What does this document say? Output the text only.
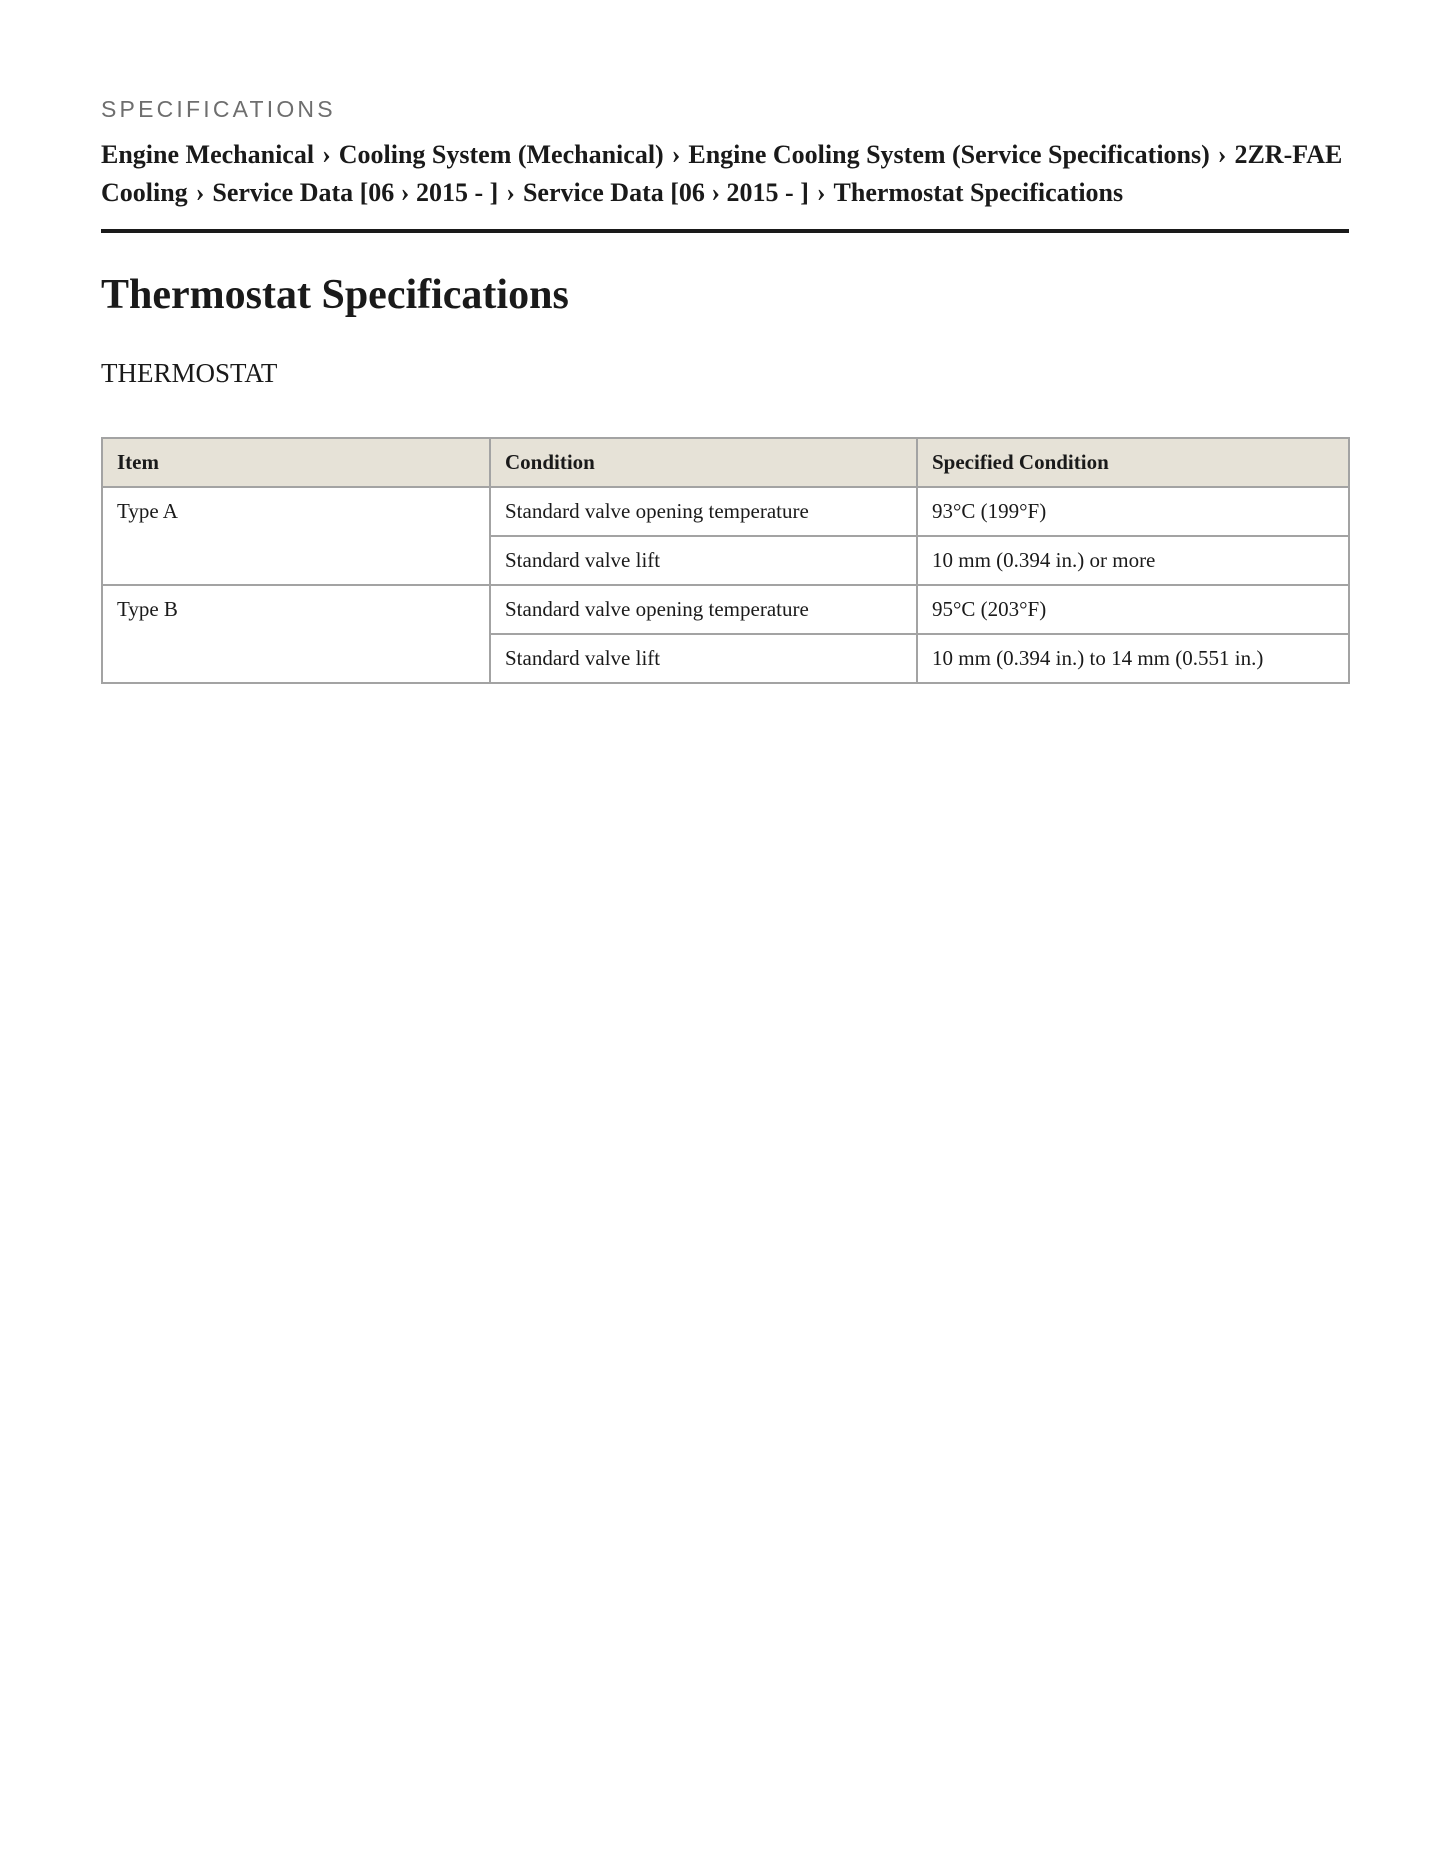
SPECIFICATIONS
Engine Mechanical › Cooling System (Mechanical) › Engine Cooling System (Service Specifications) › 2ZR-FAE Cooling › Service Data [06 › 2015 - ] › Service Data [06 › 2015 - ] › Thermostat Specifications
Thermostat Specifications
THERMOSTAT
Item	Condition	Specified Condition
Type A	Standard valve opening temperature	93°C (199°F)
	Standard valve lift	10 mm (0.394 in.) or more
Type B	Standard valve opening temperature	95°C (203°F)
	Standard valve lift	10 mm (0.394 in.) to 14 mm (0.551 in.)
